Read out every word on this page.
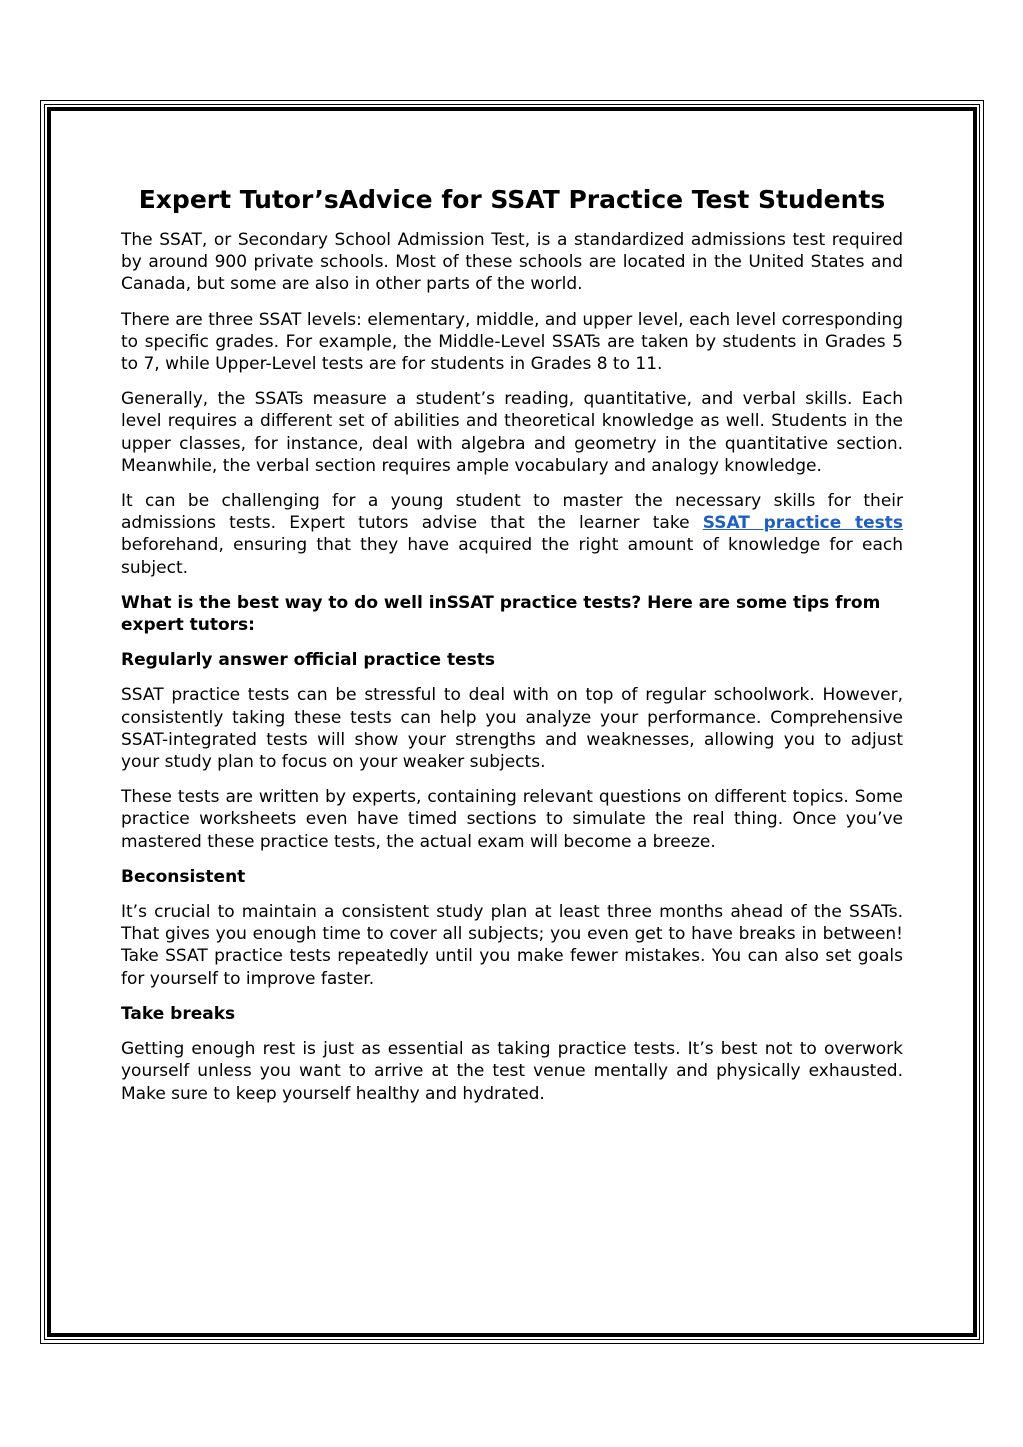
Expert Tutor’sAdvice for SSAT Practice Test Students

The SSAT, or Secondary School Admission Test, is a standardized admissions test required by around 900 private schools. Most of these schools are located in the United States and Canada, but some are also in other parts of the world.

There are three SSAT levels: elementary, middle, and upper level, each level corresponding to specific grades. For example, the Middle-Level SSATs are taken by students in Grades 5 to 7, while Upper-Level tests are for students in Grades 8 to 11.

Generally, the SSATs measure a student’s reading, quantitative, and verbal skills. Each level requires a different set of abilities and theoretical knowledge as well. Students in the upper classes, for instance, deal with algebra and geometry in the quantitative section. Meanwhile, the verbal section requires ample vocabulary and analogy knowledge.

It can be challenging for a young student to master the necessary skills for their admissions tests. Expert tutors advise that the learner take SSAT practice tests beforehand, ensuring that they have acquired the right amount of knowledge for each subject.

What is the best way to do well inSSAT practice tests? Here are some tips from expert tutors:

Regularly answer official practice tests

SSAT practice tests can be stressful to deal with on top of regular schoolwork. However, consistently taking these tests can help you analyze your performance. Comprehensive SSAT-integrated tests will show your strengths and weaknesses, allowing you to adjust your study plan to focus on your weaker subjects.

These tests are written by experts, containing relevant questions on different topics. Some practice worksheets even have timed sections to simulate the real thing. Once you’ve mastered these practice tests, the actual exam will become a breeze.

Beconsistent

It’s crucial to maintain a consistent study plan at least three months ahead of the SSATs. That gives you enough time to cover all subjects; you even get to have breaks in between! Take SSAT practice tests repeatedly until you make fewer mistakes. You can also set goals for yourself to improve faster.

Take breaks

Getting enough rest is just as essential as taking practice tests. It’s best not to overwork yourself unless you want to arrive at the test venue mentally and physically exhausted. Make sure to keep yourself healthy and hydrated.
